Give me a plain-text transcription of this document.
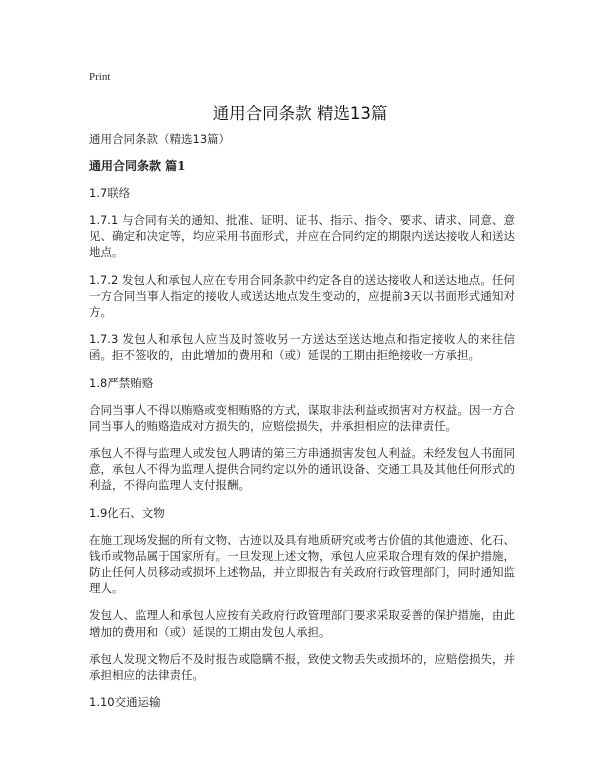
Print
通用合同条款 精选13篇

通用合同条款（精选13篇）

通用合同条款 篇1

1.7联络

1.7.1 与合同有关的通知、批准、证明、证书、指示、指令、要求、请求、同意、意见、确定和决定等，均应采用书面形式，并应在合同约定的期限内送达接收人和送达地点。

1.7.2 发包人和承包人应在专用合同条款中约定各自的送达接收人和送达地点。任何一方合同当事人指定的接收人或送达地点发生变动的，应提前3天以书面形式通知对方。

1.7.3 发包人和承包人应当及时签收另一方送达至送达地点和指定接收人的来往信函。拒不签收的，由此增加的费用和（或）延误的工期由拒绝接收一方承担。

1.8严禁贿赂

合同当事人不得以贿赂或变相贿赂的方式，谋取非法利益或损害对方权益。因一方合同当事人的贿赂造成对方损失的，应赔偿损失，并承担相应的法律责任。

承包人不得与监理人或发包人聘请的第三方串通损害发包人利益。未经发包人书面同意，承包人不得为监理人提供合同约定以外的通讯设备、交通工具及其他任何形式的利益，不得向监理人支付报酬。

1.9化石、文物

在施工现场发掘的所有文物、古迹以及具有地质研究或考古价值的其他遗迹、化石、钱币或物品属于国家所有。一旦发现上述文物，承包人应采取合理有效的保护措施，防止任何人员移动或损坏上述物品，并立即报告有关政府行政管理部门，同时通知监理人。

发包人、监理人和承包人应按有关政府行政管理部门要求采取妥善的保护措施，由此增加的费用和（或）延误的工期由发包人承担。

承包人发现文物后不及时报告或隐瞒不报，致使文物丢失或损坏的，应赔偿损失，并承担相应的法律责任。

1.10交通运输
